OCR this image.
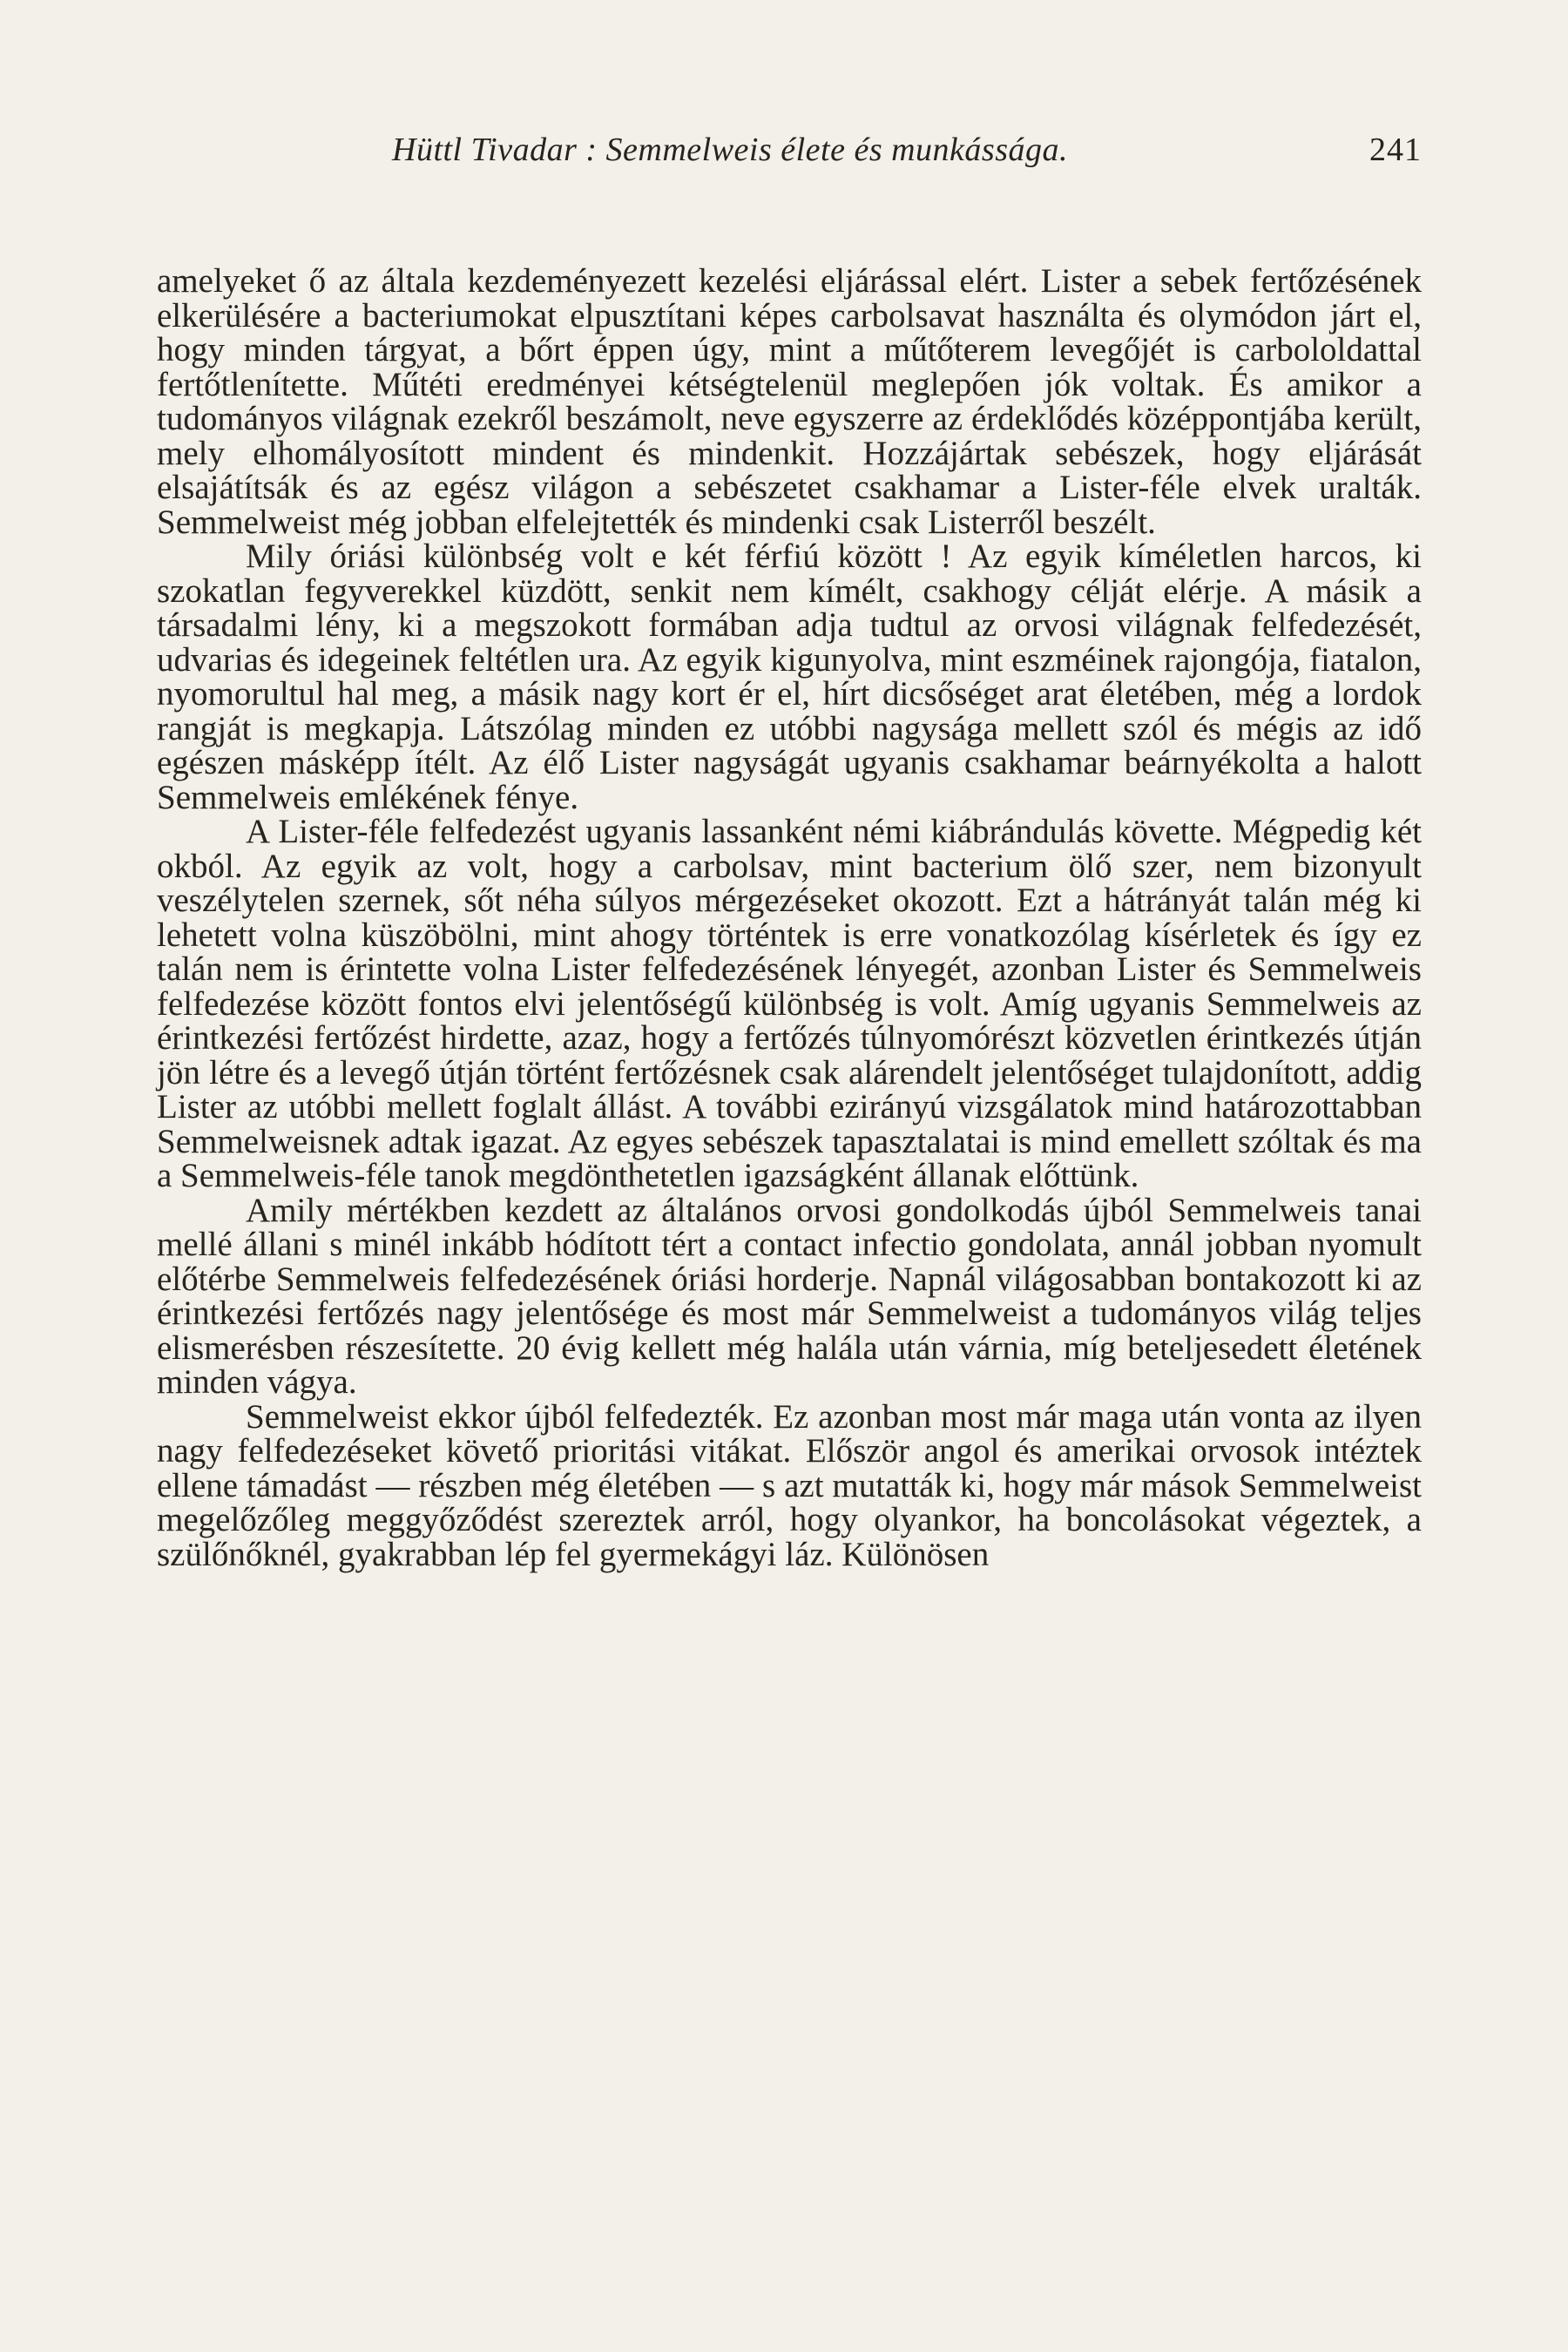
Hüttl Tivadar : Semmelweis élete és munkássága.	241

amelyeket ő az általa kezdeményezett kezelési eljárással elért. Lister a sebek fertőzésének elkerülésére a bacteriumokat elpusztítani képes carbolsavat használta és olymódon járt el, hogy minden tárgyat, a bőrt éppen úgy, mint a műtőterem levegőjét is carbololdattal fertőtlenítette. Műtéti eredményei kétségtelenül meglepően jók voltak. És amikor a tudományos világnak ezekről beszámolt, neve egyszerre az érdeklődés középpontjába került, mely elhomályosított mindent és mindenkit. Hozzájártak sebészek, hogy eljárását elsajátítsák és az egész világon a sebészetet csakhamar a Lister-féle elvek uralták. Semmelweist még jobban elfelejtették és mindenki csak Listerről beszélt.

Mily óriási különbség volt e két férfiú között ! Az egyik kíméletlen harcos, ki szokatlan fegyverekkel küzdött, senkit nem kímélt, csakhogy célját elérje. A másik a társadalmi lény, ki a megszokott formában adja tudtul az orvosi világnak felfedezését, udvarias és idegeinek feltétlen ura. Az egyik kigunyolva, mint eszméinek rajongója, fiatalon, nyomorultul hal meg, a másik nagy kort ér el, hírt dicsőséget arat életében, még a lordok rangját is megkapja. Látszólag minden ez utóbbi nagysága mellett szól és mégis az idő egészen másképp ítélt. Az élő Lister nagyságát ugyanis csakhamar beárnyékolta a halott Semmelweis emlékének fénye.

A Lister-féle felfedezést ugyanis lassanként némi kiábrándulás követte. Mégpedig két okból. Az egyik az volt, hogy a carbolsav, mint bacterium ölő szer, nem bizonyult veszélytelen szernek, sőt néha súlyos mérgezéseket okozott. Ezt a hátrányát talán még ki lehetett volna küszöbölni, mint ahogy történtek is erre vonatkozólag kísérletek és így ez talán nem is érintette volna Lister felfedezésének lényegét, azonban Lister és Semmelweis felfedezése között fontos elvi jelentőségű különbség is volt. Amíg ugyanis Semmelweis az érintkezési fertőzést hirdette, azaz, hogy a fertőzés túlnyomórészt közvetlen érintkezés útján jön létre és a levegő útján történt fertőzésnek csak alárendelt jelentőséget tulajdonított, addig Lister az utóbbi mellett foglalt állást. A további ezirányú vizsgálatok mind határozottabban Semmelweisnek adtak igazat. Az egyes sebészek tapasztalatai is mind emellett szóltak és ma a Semmelweis-féle tanok megdönthetetlen igazságként állanak előttünk.

Amily mértékben kezdett az általános orvosi gondolkodás újból Semmelweis tanai mellé állani s minél inkább hódított tért a contact infectio gondolata, annál jobban nyomult előtérbe Semmelweis felfedezésének óriási horderje. Napnál világosabban bontakozott ki az érintkezési fertőzés nagy jelentősége és most már Semmelweist a tudományos világ teljes elismerésben részesítette. 20 évig kellett még halála után várnia, míg beteljesedett életének minden vágya.

Semmelweist ekkor újból felfedezték. Ez azonban most már maga után vonta az ilyen nagy felfedezéseket követő prioritási vitákat. Először angol és amerikai orvosok intéztek ellene támadást — részben még életében — s azt mutatták ki, hogy már mások Semmelweist megelőzőleg meggyőződést szereztek arról, hogy olyankor, ha boncolásokat végeztek, a szülőnőknél, gyakrabban lép fel gyermekágyi láz. Különösen
